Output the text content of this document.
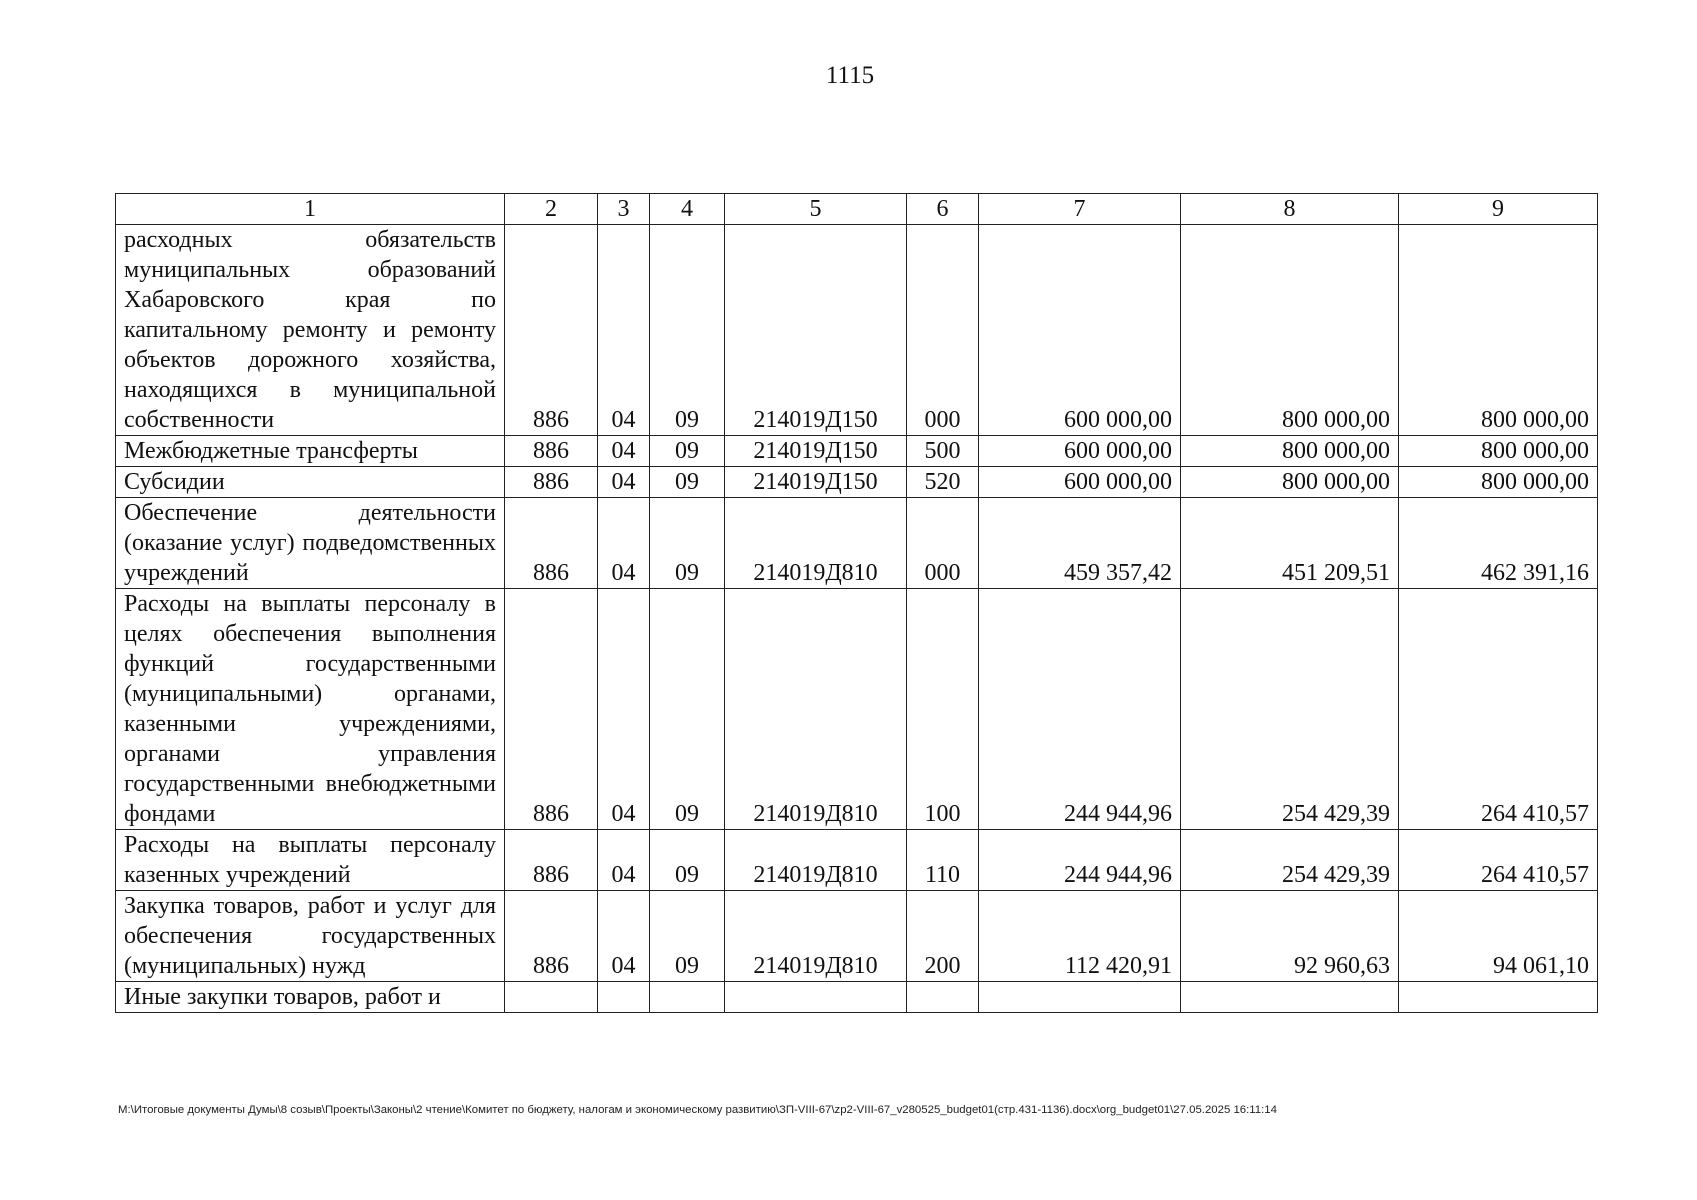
1115
1	2	3	4	5	6	7	8	9
расходных обязательств муниципальных образований Хабаровского края по капитальному ремонту и ремонту объектов дорожного хозяйства, находящихся в муниципальной собственности	886	04	09	214019Д150	000	600 000,00	800 000,00	800 000,00
Межбюджетные трансферты	886	04	09	214019Д150	500	600 000,00	800 000,00	800 000,00
Субсидии	886	04	09	214019Д150	520	600 000,00	800 000,00	800 000,00
Обеспечение деятельности (оказание услуг) подведомственных учреждений	886	04	09	214019Д810	000	459 357,42	451 209,51	462 391,16
Расходы на выплаты персоналу в целях обеспечения выполнения функций государственными (муниципальными) органами, казенными учреждениями, органами управления государственными внебюджетными фондами	886	04	09	214019Д810	100	244 944,96	254 429,39	264 410,57
Расходы на выплаты персоналу казенных учреждений	886	04	09	214019Д810	110	244 944,96	254 429,39	264 410,57
Закупка товаров, работ и услуг для обеспечения государственных (муниципальных) нужд	886	04	09	214019Д810	200	112 420,91	92 960,63	94 061,10
Иные закупки товаров, работ и								
M:\Итоговые документы Думы\8 созыв\Проекты\Законы\2 чтение\Комитет по бюджету, налогам и экономическому развитию\ЗП-VIII-67\zp2-VIII-67_v280525_budget01(стр.431-1136).docx\org_budget01\27.05.2025 16:11:14
